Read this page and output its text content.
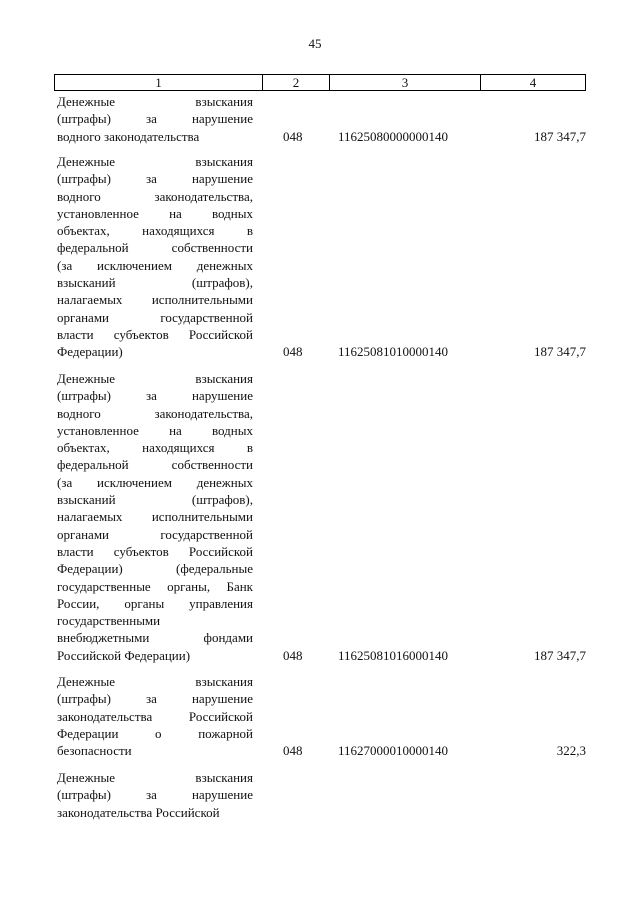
45
1	2	3	4
Денежные взыскания
(штрафы) за нарушение
водного законодательства	048	11625080000000140	187 347,7
Денежные взыскания
(штрафы) за нарушение
водного законодательства,
установленное на водных
объектах, находящихся в
федеральной собственности
(за исключением денежных
взысканий (штрафов),
налагаемых исполнительными
органами государственной
власти субъектов Российской
Федерации)	048	11625081010000140	187 347,7
Денежные взыскания
(штрафы) за нарушение
водного законодательства,
установленное на водных
объектах, находящихся в
федеральной собственности
(за исключением денежных
взысканий (штрафов),
налагаемых исполнительными
органами государственной
власти субъектов Российской
Федерации) (федеральные
государственные органы, Банк
России, органы управления
государственными
внебюджетными фондами
Российской Федерации)	048	11625081016000140	187 347,7
Денежные взыскания
(штрафы) за нарушение
законодательства Российской
Федерации о пожарной
безопасности	048	11627000010000140	322,3
Денежные взыскания
(штрафы) за нарушение
законодательства Российской
